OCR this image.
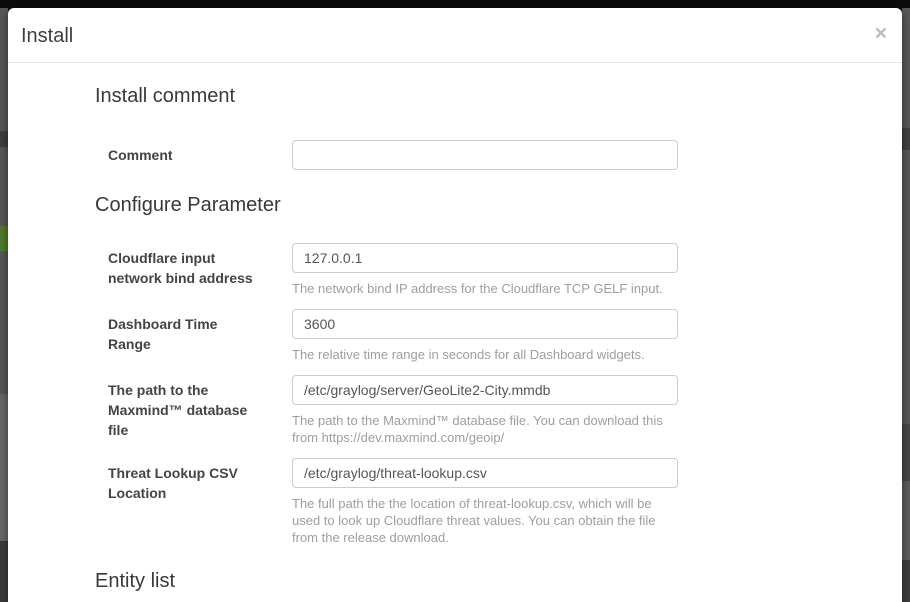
×
Install
Install comment
Comment
Configure Parameter
Cloudflare input network bind address
127.0.0.1
The network bind IP address for the Cloudflare TCP GELF input.
Dashboard Time Range
3600
The relative time range in seconds for all Dashboard widgets.
The path to the Maxmind™ database file
/etc/graylog/server/GeoLite2-City.mmdb
The path to the Maxmind™ database file. You can download this from https://dev.maxmind.com/geoip/
Threat Lookup CSV Location
/etc/graylog/threat-lookup.csv
The full path the the location of threat-lookup.csv, which will be used to look up Cloudflare threat values. You can obtain the file from the release download.
Entity list
